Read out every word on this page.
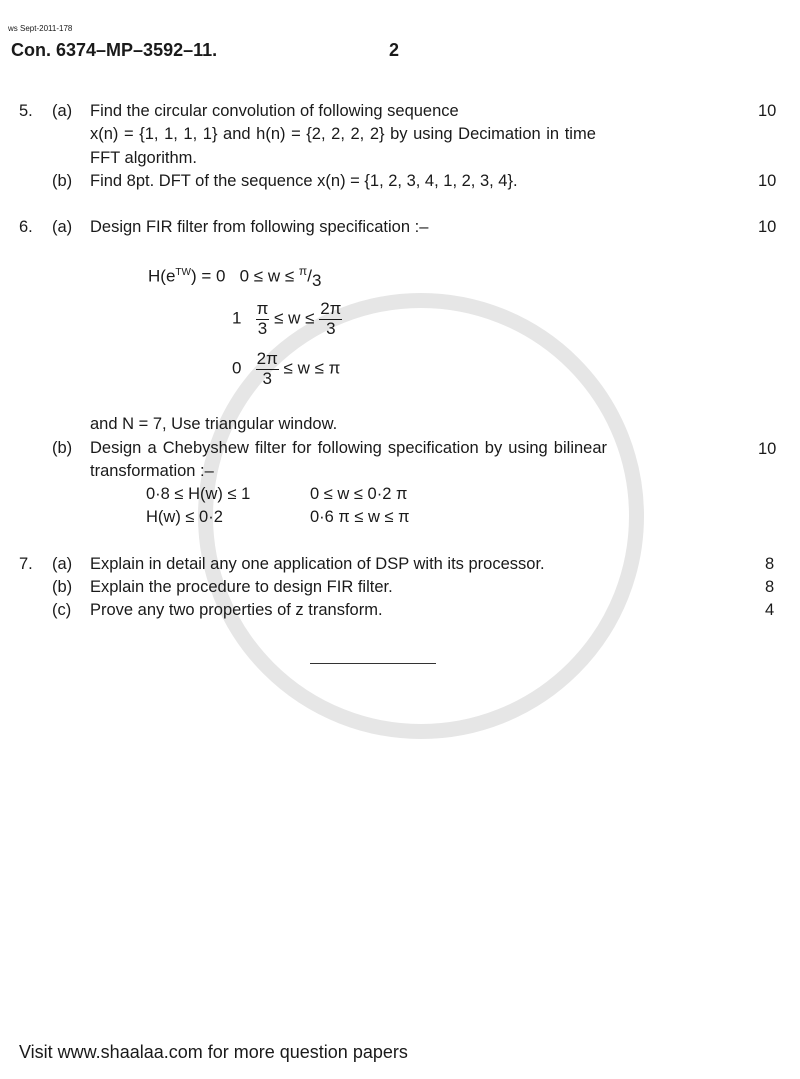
ws Sept-2011-178
Con. 6374–MP–3592–11.	2
5. (a) Find the circular convolution of following sequence
x(n) = {1, 1, 1, 1} and h(n) = {2, 2, 2, 2} by using Decimation in time
FFT algorithm.
10
(b) Find 8pt. DFT of the sequence x(n) = {1, 2, 3, 4, 1, 2, 3, 4}.	10
6. (a) Design FIR filter from following specification :–	10
$H(e^{TW}) = 0$ $0 \le w \le ^\pi/_3$
$1 \frac{\pi}{3} \le w \le \frac{2\pi}{3}$
$0 \frac{2\pi}{3} \le w \le \pi$
and N = 7, Use triangular window.
(b) Design a Chebyshew filter for following specification by using bilinear	10
transformation :–
0·8 ≤ H(w) ≤ 1	0 ≤ w ≤ 0·2 π
H(w) ≤ 0·2	0·6 π ≤ w ≤ π
7. (a) Explain in detail any one application of DSP with its processor.	8
(b) Explain the procedure to design FIR filter.	8
(c) Prove any two properties of z transform.	4
Visit www.shaalaa.com for more question papers
